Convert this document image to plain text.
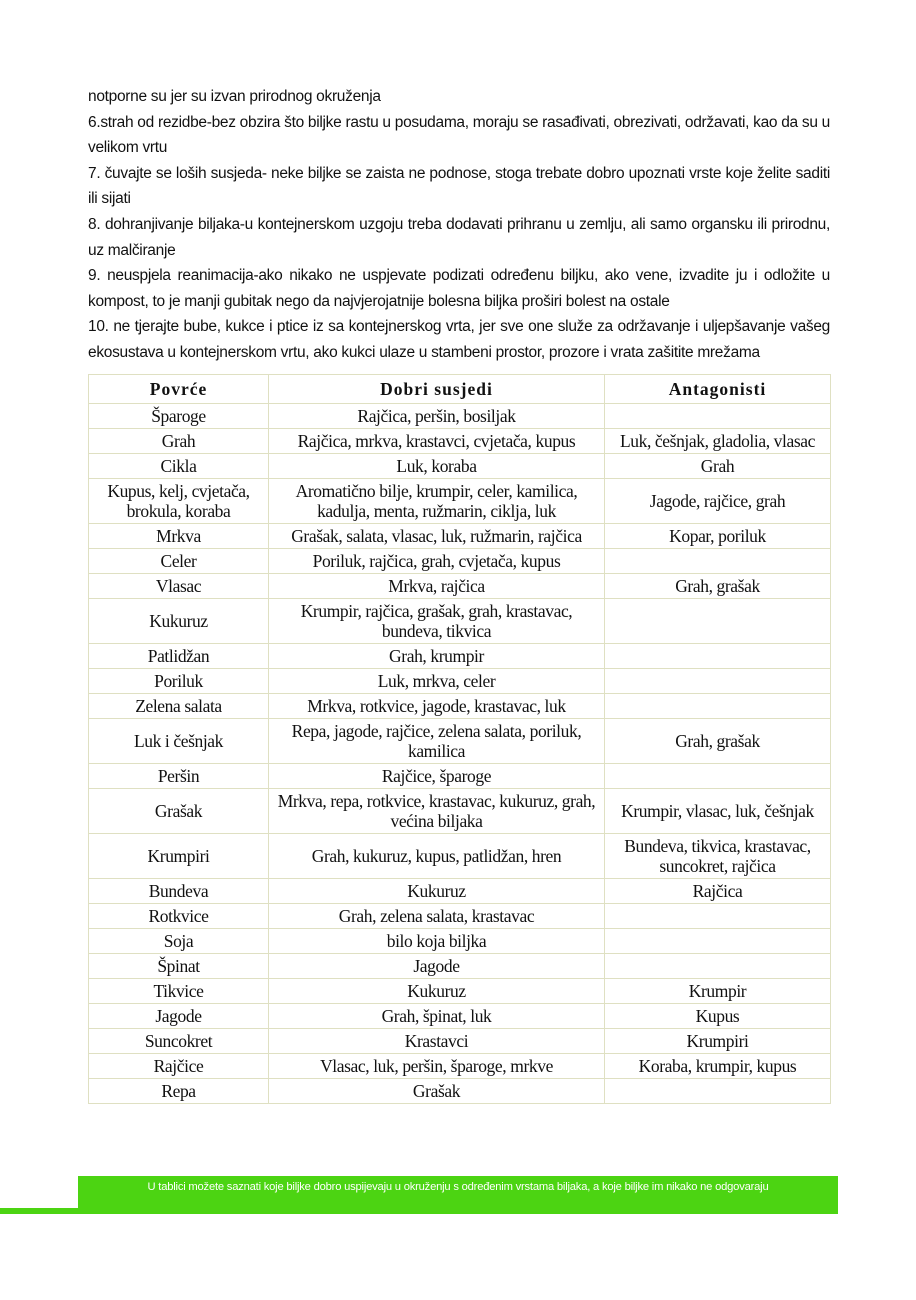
notporne su jer su izvan prirodnog okruženja

6.strah od rezidbe-bez obzira što biljke rastu u posudama, moraju se rasađivati, obrezivati, održavati, kao da su u velikom vrtu

7. čuvajte se loših susjeda- neke biljke se zaista ne podnose, stoga trebate dobro upoznati vrste koje želite saditi ili sijati

8. dohranjivanje biljaka-u kontejnerskom uzgoju treba dodavati prihranu u zemlju, ali samo organsku ili prirodnu, uz malčiranje

9. neuspjela reanimacija-ako nikako ne uspjevate podizati određenu biljku, ako vene, izvadite ju i odložite u kompost, to je manji gubitak nego da najvjerojatnije bolesna biljka proširi bolest na ostale

10. ne tjerajte bube, kukce i ptice iz sa kontejnerskog vrta, jer sve one služe za održavanje i uljepšavanje vašeg ekosustava u kontejnerskom vrtu, ako kukci ulaze u stambeni prostor, prozore i vrata zašitite mrežama

Povrće	Dobri susjedi	Antagonisti
Šparoge	Rajčica, peršin, bosiljak	
Grah	Rajčica, mrkva, krastavci, cvjetača, kupus	Luk, češnjak, gladolia, vlasac
Cikla	Luk, koraba	Grah
Kupus, kelj, cvjetača, brokula, koraba	Aromatično bilje, krumpir, celer, kamilica, kadulja, menta, ružmarin, ciklja, luk	Jagode, rajčice, grah
Mrkva	Grašak, salata, vlasac, luk, ružmarin, rajčica	Kopar, poriluk
Celer	Poriluk, rajčica, grah, cvjetača, kupus	
Vlasac	Mrkva, rajčica	Grah, grašak
Kukuruz	Krumpir, rajčica, grašak, grah, krastavac, bundeva, tikvica	
Patlidžan	Grah, krumpir	
Poriluk	Luk, mrkva, celer	
Zelena salata	Mrkva, rotkvice, jagode, krastavac, luk	
Luk i češnjak	Repa, jagode, rajčice, zelena salata, poriluk, kamilica	Grah, grašak
Peršin	Rajčice, šparoge	
Grašak	Mrkva, repa, rotkvice, krastavac, kukuruz, grah, većina biljaka	Krumpir, vlasac, luk, češnjak
Krumpiri	Grah, kukuruz, kupus, patlidžan, hren	Bundeva, tikvica, krastavac, suncokret, rajčica
Bundeva	Kukuruz	Rajčica
Rotkvice	Grah, zelena salata, krastavac	
Soja	bilo koja biljka	
Špinat	Jagode	
Tikvice	Kukuruz	Krumpir
Jagode	Grah, špinat, luk	Kupus
Suncokret	Krastavci	Krumpiri
Rajčice	Vlasac, luk, peršin, šparoge, mrkve	Koraba, krumpir, kupus
Repa	Grašak	
U tablici možete saznati koje biljke dobro uspijevaju u okruženju s određenim vrstama biljaka, a koje biljke im nikako ne odgovaraju
